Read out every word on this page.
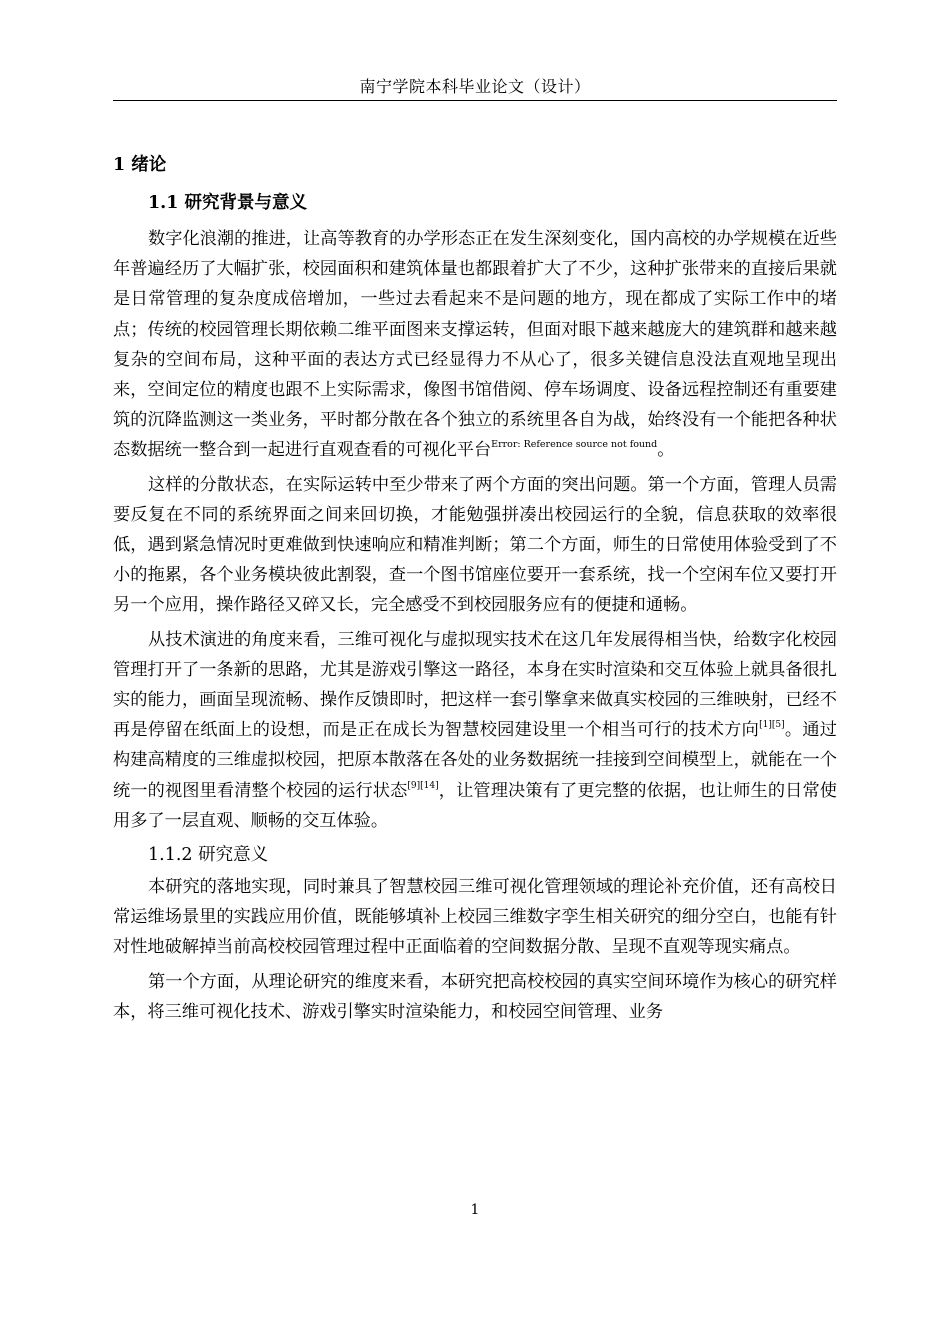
南宁学院本科毕业论文（设计）
1 绪论
1.1 研究背景与意义

数字化浪潮的推进，让高等教育的办学形态正在发生深刻变化，国内高校的办学规模在近些年普遍经历了大幅扩张，校园面积和建筑体量也都跟着扩大了不少，这种扩张带来的直接后果就是日常管理的复杂度成倍增加，一些过去看起来不是问题的地方，现在都成了实际工作中的堵点；传统的校园管理长期依赖二维平面图来支撑运转，但面对眼下越来越庞大的建筑群和越来越复杂的空间布局，这种平面的表达方式已经显得力不从心了，很多关键信息没法直观地呈现出来，空间定位的精度也跟不上实际需求，像图书馆借阅、停车场调度、设备远程控制还有重要建筑的沉降监测这一类业务，平时都分散在各个独立的系统里各自为战，始终没有一个能把各种状态数据统一整合到一起进行直观查看的可视化平台$^{Error: Reference source not found}$。

这样的分散状态，在实际运转中至少带来了两个方面的突出问题。第一个方面，管理人员需要反复在不同的系统界面之间来回切换，才能勉强拼凑出校园运行的全貌，信息获取的效率很低，遇到紧急情况时更难做到快速响应和精准判断；第二个方面，师生的日常使用体验受到了不小的拖累，各个业务模块彼此割裂，查一个图书馆座位要开一套系统，找一个空闲车位又要打开另一个应用，操作路径又碎又长，完全感受不到校园服务应有的便捷和通畅。

从技术演进的角度来看，三维可视化与虚拟现实技术在这几年发展得相当快，给数字化校园管理打开了一条新的思路，尤其是游戏引擎这一路径，本身在实时渲染和交互体验上就具备很扎实的能力，画面呈现流畅、操作反馈即时，把这样一套引擎拿来做真实校园的三维映射，已经不再是停留在纸面上的设想，而是正在成长为智慧校园建设里一个相当可行的技术方向[1][5]。通过构建高精度的三维虚拟校园，把原本散落在各处的业务数据统一挂接到空间模型上，就能在一个统一的视图里看清整个校园的运行状态[9][14]，让管理决策有了更完整的依据，也让师生的日常使用多了一层直观、顺畅的交互体验。

1.1.2 研究意义

本研究的落地实现，同时兼具了智慧校园三维可视化管理领域的理论补充价值，还有高校日常运维场景里的实践应用价值，既能够填补上校园三维数字孪生相关研究的细分空白，也能有针对性地破解掉当前高校校园管理过程中正面临着的空间数据分散、呈现不直观等现实痛点。

第一个方面，从理论研究的维度来看，本研究把高校校园的真实空间环境作为核心的研究样本，将三维可视化技术、游戏引擎实时渲染能力，和校园空间管理、业务

1
